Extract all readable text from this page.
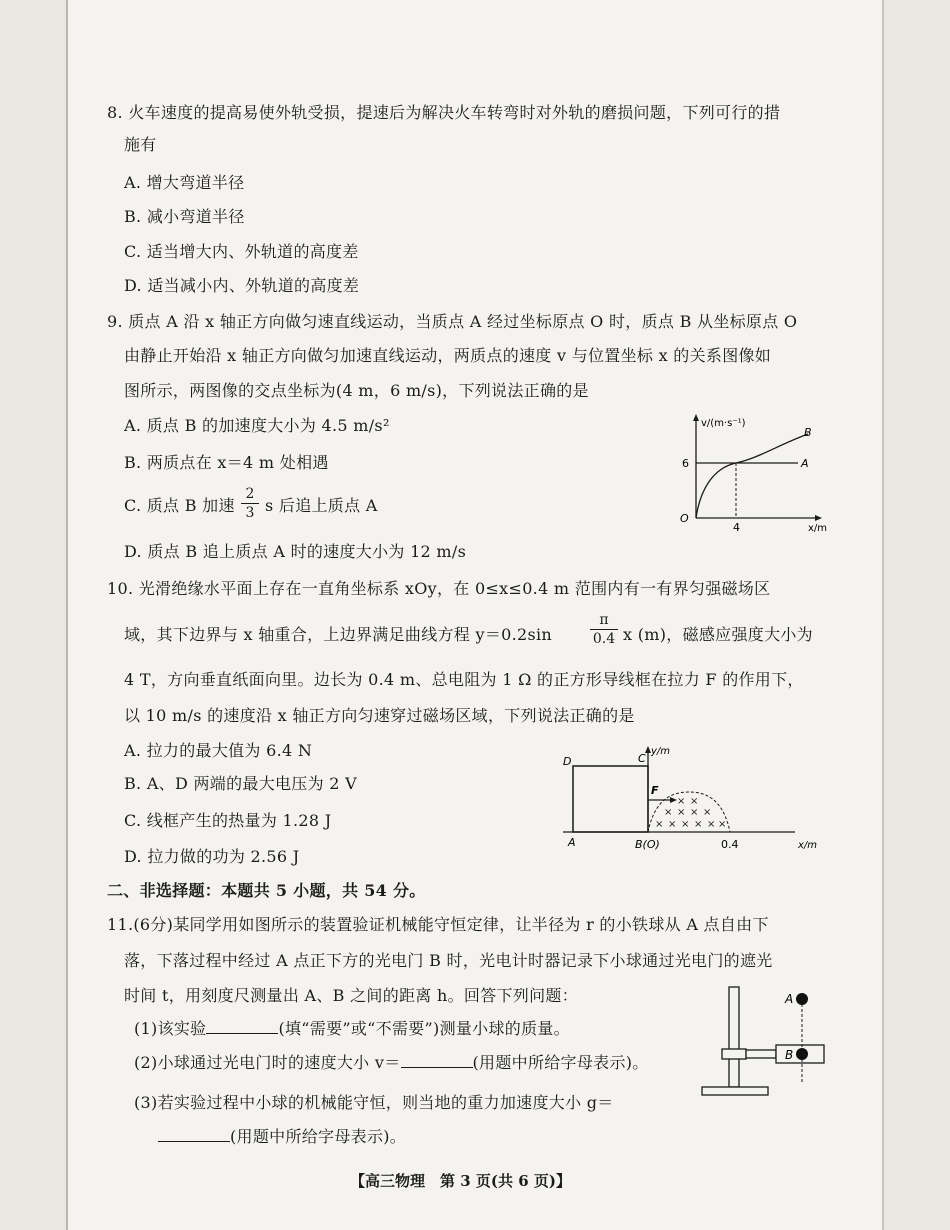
8. 火车速度的提高易使外轨受损，提速后为解决火车转弯时对外轨的磨损问题，下列可行的措
施有
A. 增大弯道半径
B. 减小弯道半径
C. 适当增大内、外轨道的高度差
D. 适当减小内、外轨道的高度差
9. 质点 A 沿 x 轴正方向做匀速直线运动，当质点 A 经过坐标原点 O 时，质点 B 从坐标原点 O
由静止开始沿 x 轴正方向做匀加速直线运动，两质点的速度 v 与位置坐标 x 的关系图像如
图所示，两图像的交点坐标为(4 m，6 m/s)，下列说法正确的是
A. 质点 B 的加速度大小为 4.5 m/s²
B. 两质点在 x＝4 m 处相遇
C. 质点 B 加速
2
3 s 后追上质点 A
D. 质点 B 追上质点 A 时的速度大小为 12 m/s
v/(m·s⁻¹)
x/m
6
4
O
A
B
10. 光滑绝缘水平面上存在一直角坐标系 xOy，在 0≤x≤0.4 m 范围内有一有界匀强磁场区
域，其下边界与 x 轴重合，上边界满足曲线方程 y＝0.2sin
π
0.4 x (m)，磁感应强度大小为
4 T，方向垂直纸面向里。边长为 0.4 m、总电阻为 1 Ω 的正方形导线框在拉力 F 的作用下，
以 10 m/s 的速度沿 x 轴正方向匀速穿过磁场区域，下列说法正确的是
A. 拉力的最大值为 6.4 N
B. A、D 两端的最大电压为 2 V
C. 线框产生的热量为 1.28 J
D. 拉力做的功为 2.56 J
× ×
× × × ×
× × × × × ×
D	C
y/m
F
A	B(O)	0.4	x/m
二、非选择题：本题共 5 小题，共 54 分。
11.(6分)某同学用如图所示的装置验证机械能守恒定律，让半径为 r 的小铁球从 A 点自由下
落，下落过程中经过 A 点正下方的光电门 B 时，光电计时器记录下小球通过光电门的遮光
时间 t，用刻度尺测量出 A、B 之间的距离 h。回答下列问题：
(1)该实验	(填“需要”或“不需要”)测量小球的质量。
(2)小球通过光电门时的速度大小 v＝	(用题中所给字母表示)。
(3)若实验过程中小球的机械能守恒，则当地的重力加速度大小 g＝
(用题中所给字母表示)。
A
B
【高三物理　第 3 页(共 6 页)】
